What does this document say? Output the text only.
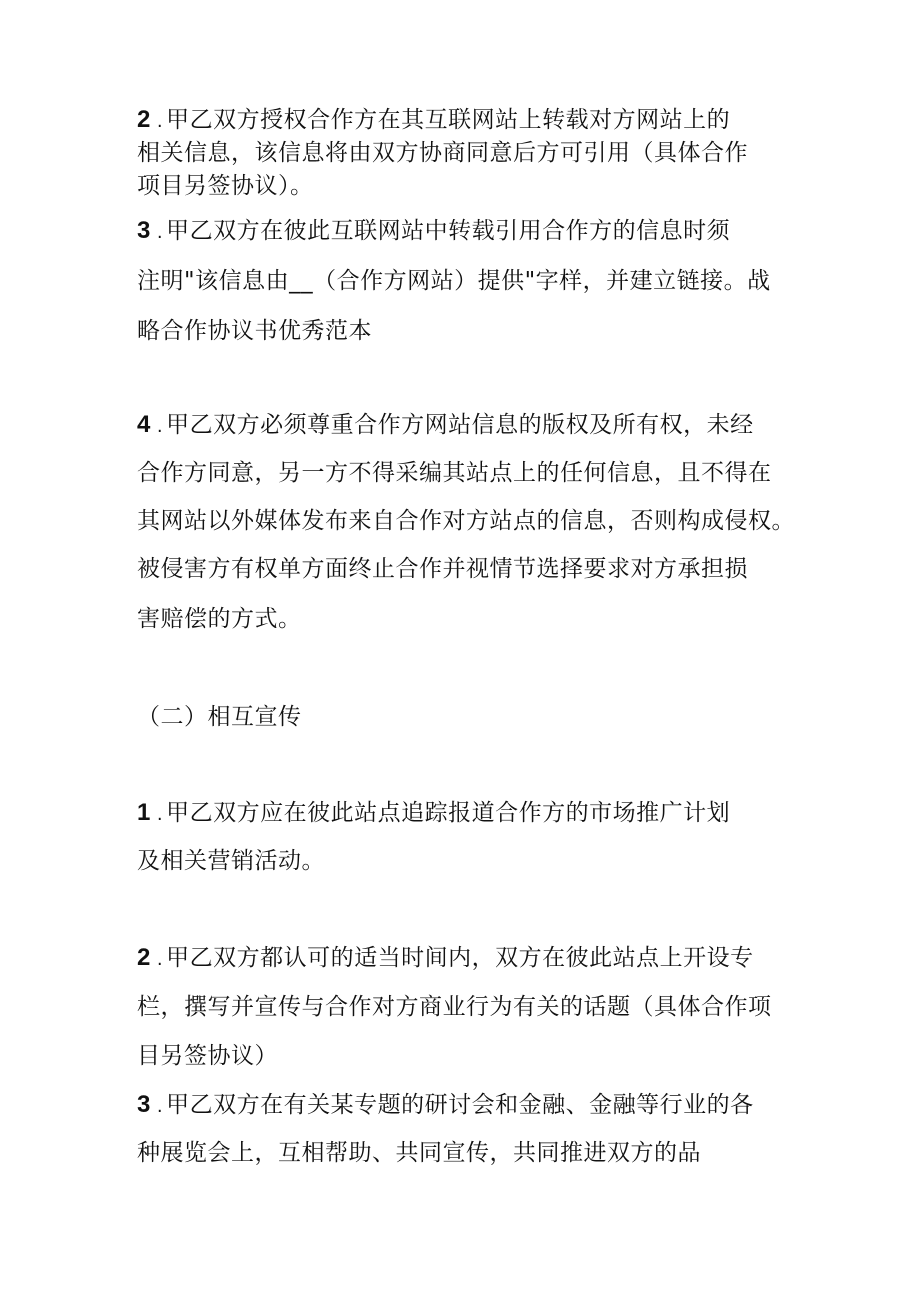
2 . 甲乙双方授权合作方在其互联网站上转载对方网站上的
相关信息，该信息将由双方协商同意后方可引用（具体合作
项目另签协议）。
3 . 甲乙双方在彼此互联网站中转载引用合作方的信息时须
注明"该信息由__（合作方网站）提供"字样，并建立链接。战
略合作协议书优秀范本
4 . 甲乙双方必须尊重合作方网站信息的版权及所有权，未经
合作方同意，另一方不得采编其站点上的任何信息，且不得在
其网站以外媒体发布来自合作对方站点的信息，否则构成侵权。
被侵害方有权单方面终止合作并视情节选择要求对方承担损
害赔偿的方式。
（二）相互宣传
1 . 甲乙双方应在彼此站点追踪报道合作方的市场推广计划
及相关营销活动。
2 . 甲乙双方都认可的适当时间内，双方在彼此站点上开设专
栏，撰写并宣传与合作对方商业行为有关的话题（具体合作项
目另签协议）
3 . 甲乙双方在有关某专题的研讨会和金融、金融等行业的各
种展览会上，互相帮助、共同宣传，共同推进双方的品
